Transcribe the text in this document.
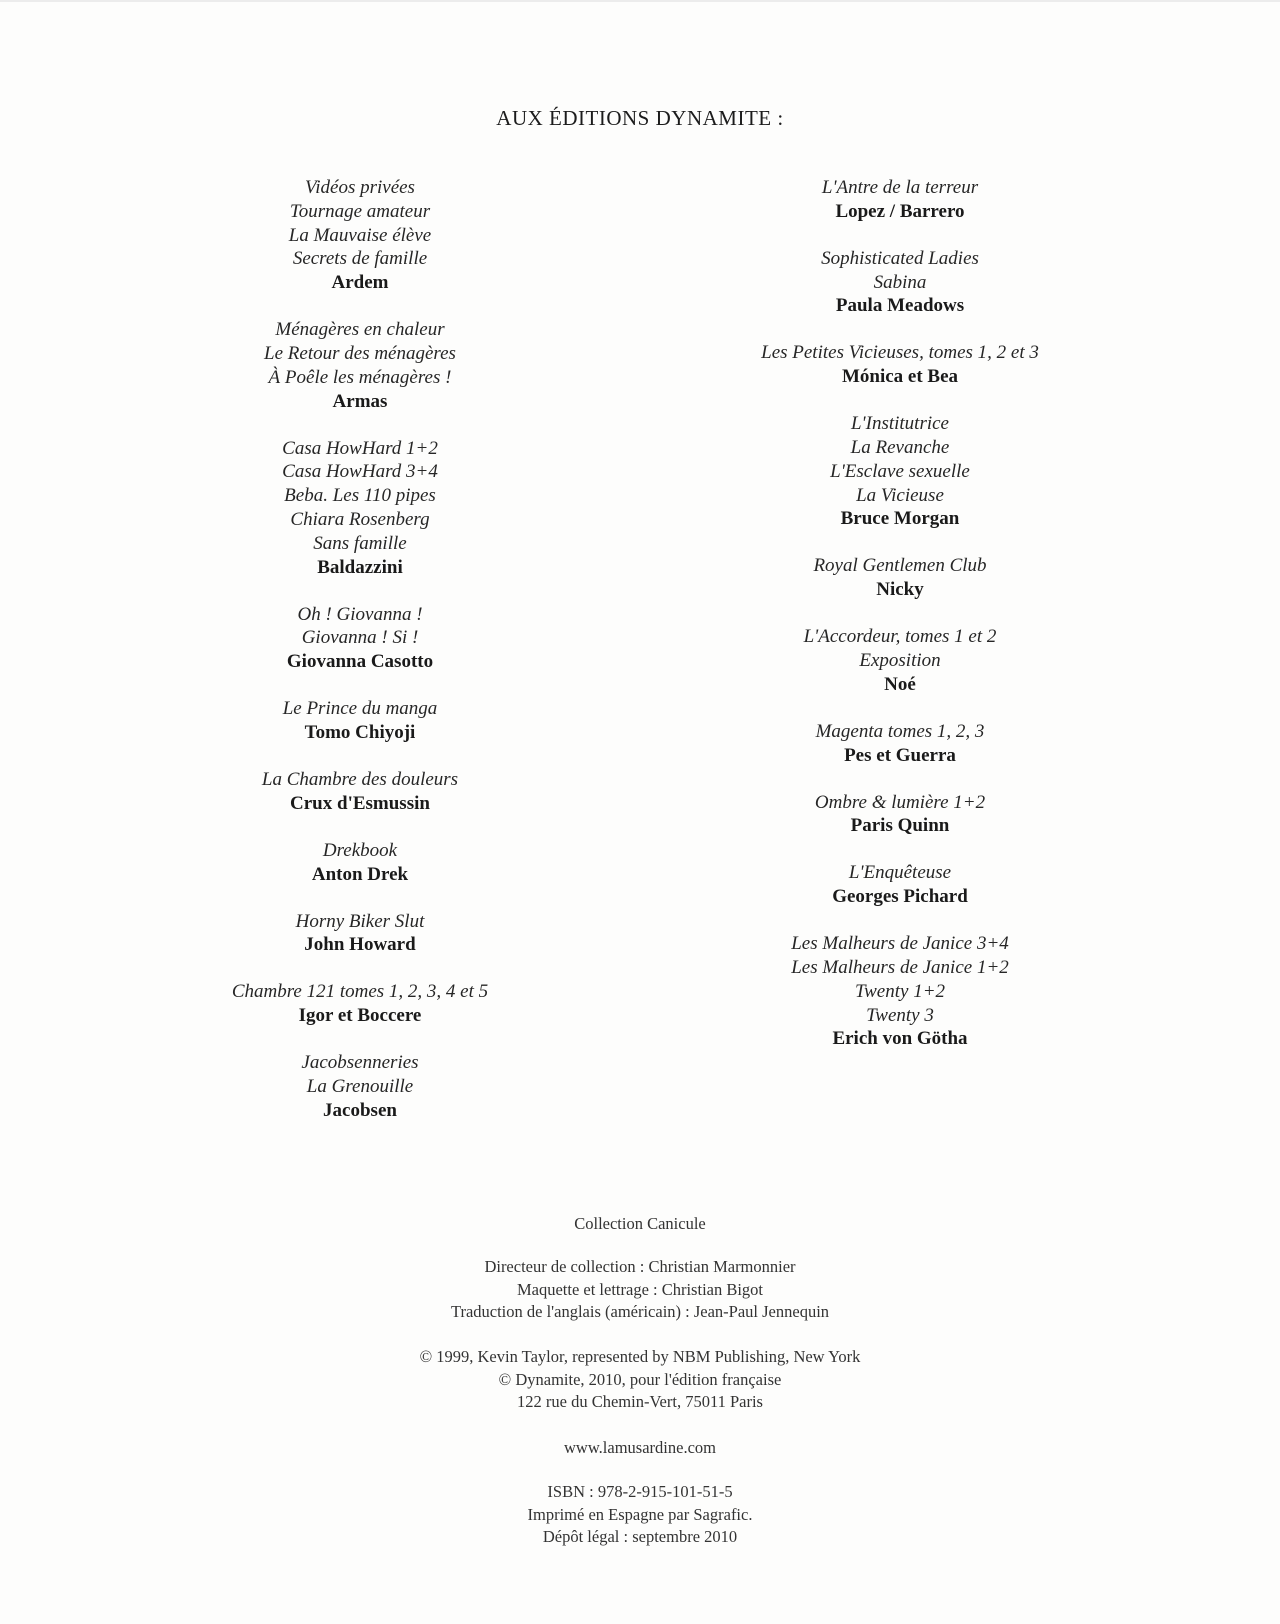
AUX ÉDITIONS DYNAMITE :
Vidéos privées
Tournage amateur
La Mauvaise élève
Secrets de famille
Ardem
Ménagères en chaleur
Le Retour des ménagères
À Poêle les ménagères !
Armas
Casa HowHard 1+2
Casa HowHard 3+4
Beba. Les 110 pipes
Chiara Rosenberg
Sans famille
Baldazzini
Oh ! Giovanna !
Giovanna ! Si !
Giovanna Casotto
Le Prince du manga
Tomo Chiyoji
La Chambre des douleurs
Crux d'Esmussin
Drekbook
Anton Drek
Horny Biker Slut
John Howard
Chambre 121 tomes 1, 2, 3, 4 et 5
Igor et Boccere
Jacobsenneries
La Grenouille
Jacobsen
L'Antre de la terreur
Lopez / Barrero
Sophisticated Ladies
Sabina
Paula Meadows
Les Petites Vicieuses, tomes 1, 2 et 3
Mónica et Bea
L'Institutrice
La Revanche
L'Esclave sexuelle
La Vicieuse
Bruce Morgan
Royal Gentlemen Club
Nicky
L'Accordeur, tomes 1 et 2
Exposition
Noé
Magenta tomes 1, 2, 3
Pes et Guerra
Ombre & lumière 1+2
Paris Quinn
L'Enquêteuse
Georges Pichard
Les Malheurs de Janice 3+4
Les Malheurs de Janice 1+2
Twenty 1+2
Twenty 3
Erich von Götha

Collection Canicule

Directeur de collection : Christian Marmonnier

Maquette et lettrage : Christian Bigot

Traduction de l'anglais (américain) : Jean-Paul Jennequin

© 1999, Kevin Taylor, represented by NBM Publishing, New York

© Dynamite, 2010, pour l'édition française

122 rue du Chemin-Vert, 75011 Paris

www.lamusardine.com

ISBN : 978-2-915-101-51-5

Imprimé en Espagne par Sagrafic.

Dépôt légal : septembre 2010
